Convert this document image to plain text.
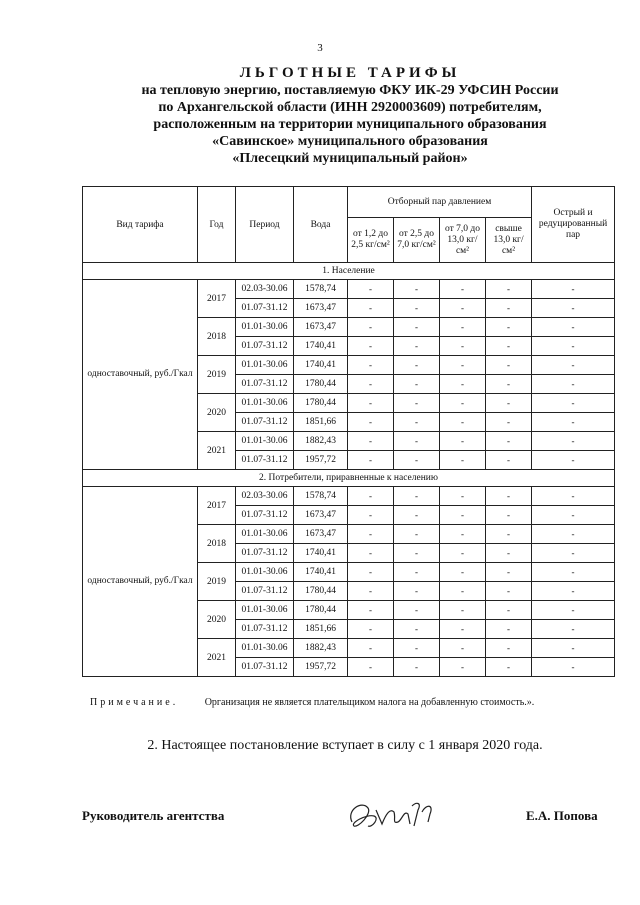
3
ЛЬГОТНЫЕ ТАРИФЫ
на тепловую энергию, поставляемую ФКУ ИК-29 УФСИН России
по Архангельской области (ИНН 2920003609) потребителям,
расположенным на территории муниципального образования
«Савинское» муниципального образования
«Плесецкий муниципальный район»
Вид тарифа	Год	Период	Вода	Отборный пар давлением				Острый и редуцированный пар
				от 1,2 до 2,5 кг/см²	от 2,5 до 7,0 кг/см²	от 7,0 до 13,0 кг/см²	свыше 13,0 кг/см²	
1. Население								
одноставочный, руб./Гкал	2017	02.03-30.06	1578,74	-	-	-	-	-
		01.07-31.12	1673,47	-	-	-	-	-
	2018	01.01-30.06	1673,47	-	-	-	-	-
		01.07-31.12	1740,41	-	-	-	-	-
	2019	01.01-30.06	1740,41	-	-	-	-	-
		01.07-31.12	1780,44	-	-	-	-	-
	2020	01.01-30.06	1780,44	-	-	-	-	-
		01.07-31.12	1851,66	-	-	-	-	-
	2021	01.01-30.06	1882,43	-	-	-	-	-
		01.07-31.12	1957,72	-	-	-	-	-
2. Потребители, приравненные к населению								
одноставочный, руб./Гкал	2017	02.03-30.06	1578,74	-	-	-	-	-
		01.07-31.12	1673,47	-	-	-	-	-
	2018	01.01-30.06	1673,47	-	-	-	-	-
		01.07-31.12	1740,41	-	-	-	-	-
	2019	01.01-30.06	1740,41	-	-	-	-	-
		01.07-31.12	1780,44	-	-	-	-	-
	2020	01.01-30.06	1780,44	-	-	-	-	-
		01.07-31.12	1851,66	-	-	-	-	-
	2021	01.01-30.06	1882,43	-	-	-	-	-
		01.07-31.12	1957,72	-	-	-	-	-
Примечание.	Организация не является плательщиком налога на добавленную стоимость.».
2. Настоящее постановление вступает в силу с 1 января 2020 года.
Руководитель агентства	Е.А. Попова
